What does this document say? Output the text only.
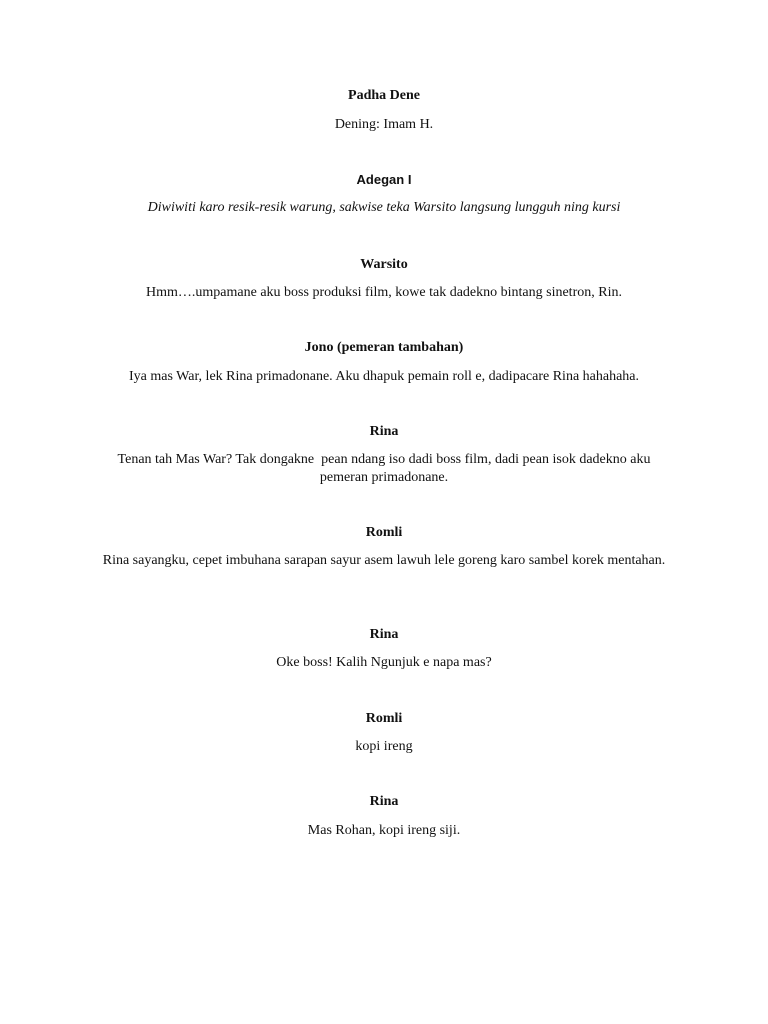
Padha Dene
Dening: Imam H.
Adegan I
Diwiwiti karo resik-resik warung, sakwise teka Warsito langsung lungguh ning kursi
Warsito
Hmm….umpamane aku boss produksi film, kowe tak dadekno bintang sinetron, Rin.
Jono (pemeran tambahan)
Iya mas War, lek Rina primadonane. Aku dhapuk pemain roll e, dadipacare Rina hahahaha.
Rina
Tenan tah Mas War? Tak dongakne  pean ndang iso dadi boss film, dadi pean isok dadekno aku pemeran primadonane.
Romli
Rina sayangku, cepet imbuhana sarapan sayur asem lawuh lele goreng karo sambel korek mentahan.
Rina
Oke boss! Kalih Ngunjuk e napa mas?
Romli
kopi ireng
Rina
Mas Rohan, kopi ireng siji.
